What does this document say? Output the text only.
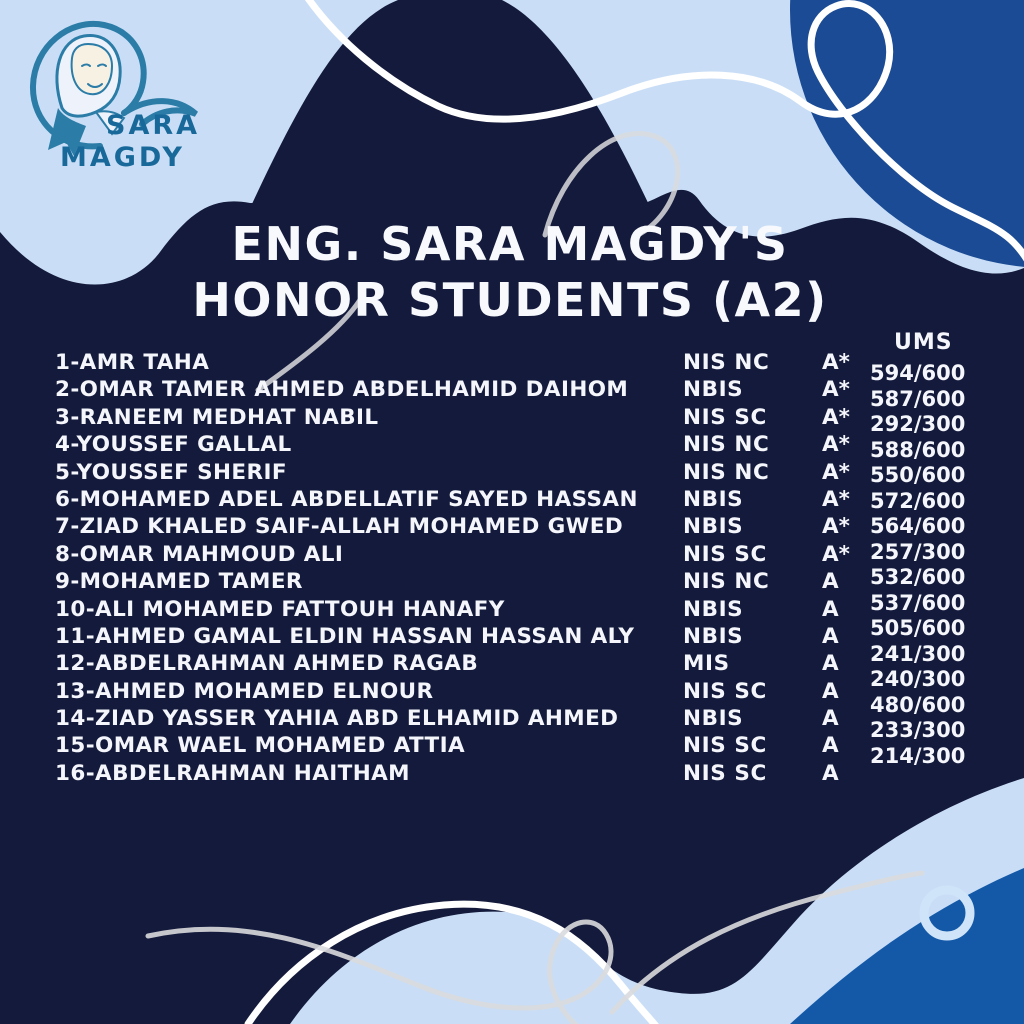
SARA
MAGDY
ENG. SARA MAGDY'S
HONOR STUDENTS (A2)
1-AMR TAHA
2-OMAR TAMER AHMED ABDELHAMID DAIHOM
3-RANEEM MEDHAT NABIL
4-YOUSSEF GALLAL
5-YOUSSEF SHERIF
6-MOHAMED ADEL ABDELLATIF SAYED HASSAN
7-ZIAD KHALED SAIF-ALLAH MOHAMED GWED
8-OMAR MAHMOUD ALI
9-MOHAMED TAMER
10-ALI MOHAMED FATTOUH HANAFY
11-AHMED GAMAL ELDIN HASSAN HASSAN ALY
12-ABDELRAHMAN AHMED RAGAB
13-AHMED MOHAMED ELNOUR
14-ZIAD YASSER YAHIA ABD ELHAMID AHMED
15-OMAR WAEL MOHAMED ATTIA
16-ABDELRAHMAN HAITHAM
NIS NC
NBIS
NIS SC
NIS NC
NIS NC
NBIS
NBIS
NIS SC
NIS NC
NBIS
NBIS
MIS
NIS SC
NBIS
NIS SC
NIS SC
A*
A*
A*
A*
A*
A*
A*
A*
A
A
A
A
A
A
A
A
UMS
594/600
587/600
292/300
588/600
550/600
572/600
564/600
257/300
532/600
537/600
505/600
241/300
240/300
480/600
233/300
214/300
